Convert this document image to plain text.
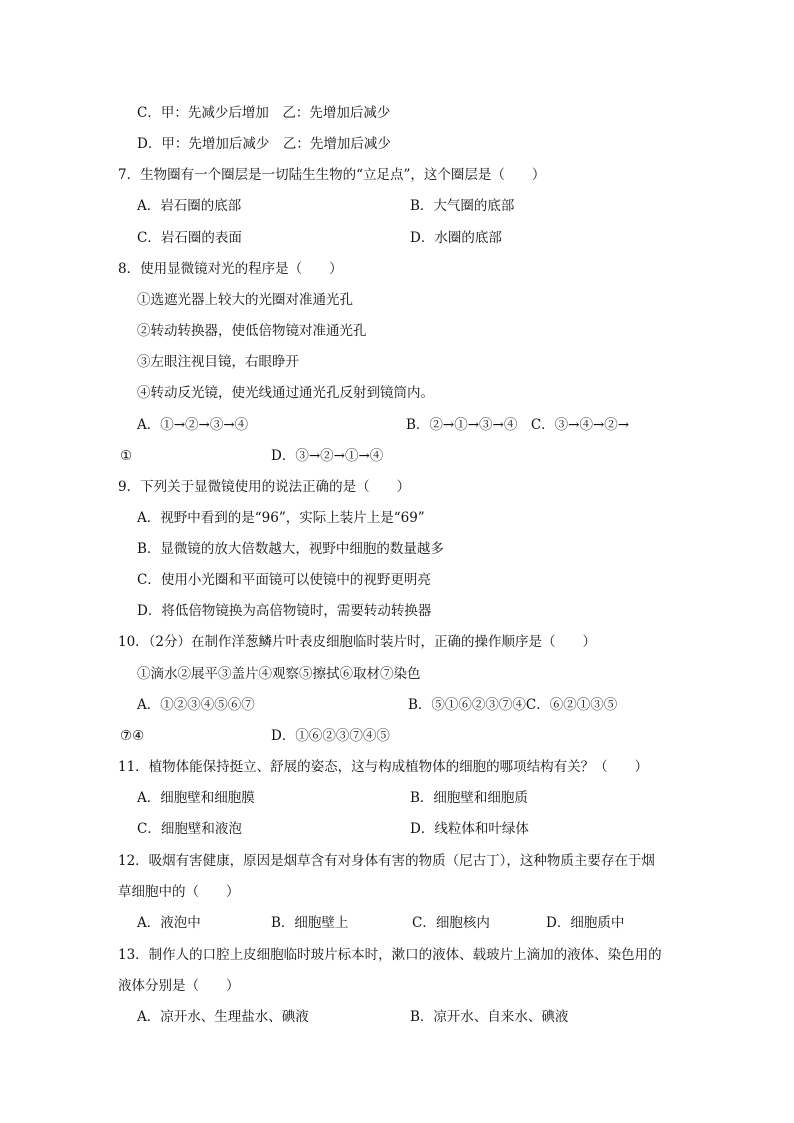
C．甲：先减少后增加　乙：先增加后减少
D．甲：先增加后减少　乙：先增加后减少
7．生物圈有一个圈层是一切陆生生物的“立足点”，这个圈层是（　　）
A．岩石圈的底部	B．大气圈的底部
C．岩石圈的表面	D．水圈的底部
8．使用显微镜对光的程序是（　　）
①选遮光器上较大的光圈对准通光孔
②转动转换器，使低倍物镜对准通光孔
③左眼注视目镜，右眼睁开
④转动反光镜，使光线通过通光孔反射到镜筒内。
A．①→②→③→④	B．②→①→③→④　C．③→④→②→
①	D．③→②→①→④
9．下列关于显微镜使用的说法正确的是（　　）
A．视野中看到的是“96”，实际上装片上是“69”
B．显微镜的放大倍数越大，视野中细胞的数量越多
C．使用小光圈和平面镜可以使镜中的视野更明亮
D．将低倍物镜换为高倍物镜时，需要转动转换器
10．（2分）在制作洋葱鳞片叶表皮细胞临时装片时，正确的操作顺序是（　　）
①滴水②展平③盖片④观察⑤擦拭⑥取材⑦染色
A．①②③④⑤⑥⑦	B．⑤①⑥②③⑦④C．⑥②①③⑤
⑦④	D．①⑥②③⑦④⑤
11．植物体能保持挺立、舒展的姿态，这与构成植物体的细胞的哪项结构有关？（　　）
A．细胞壁和细胞膜	B．细胞壁和细胞质
C．细胞壁和液泡	D．线粒体和叶绿体
12．吸烟有害健康，原因是烟草含有对身体有害的物质（尼古丁），这种物质主要存在于烟
草细胞中的（　　）
A．液泡中	B．细胞壁上	C．细胞核内	D．细胞质中
13．制作人的口腔上皮细胞临时玻片标本时，漱口的液体、载玻片上滴加的液体、染色用的
液体分别是（　　）
A．凉开水、生理盐水、碘液	B．凉开水、自来水、碘液
